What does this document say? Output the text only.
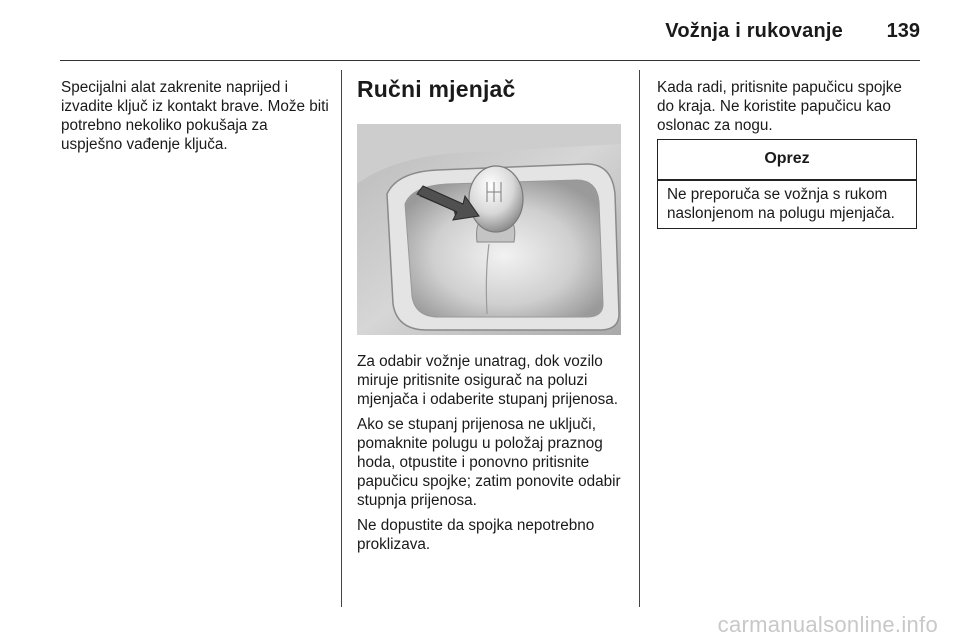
Vožnja i rukovanje 139

Specijalni alat zakrenite naprijed i izvadite ključ iz kontakt brave. Može biti potrebno nekoliko pokušaja za uspješno vađenje ključa.

Ručni mjenjač

Za odabir vožnje unatrag, dok vozilo miruje pritisnite osigurač na poluzi mjenjača i odaberite stupanj prijenosa.

Ako se stupanj prijenosa ne uključi, pomaknite polugu u položaj praznog hoda, otpustite i ponovno pritisnite papučicu spojke; zatim ponovite odabir stupnja prijenosa.

Ne dopustite da spojka nepotrebno proklizava.

Kada radi, pritisnite papučicu spojke do kraja. Ne koristite papučicu kao oslonac za nogu.

Oprez
Ne preporuča se vožnja s rukom naslonjenom na polugu mjenjača.
carmanualsonline.info
